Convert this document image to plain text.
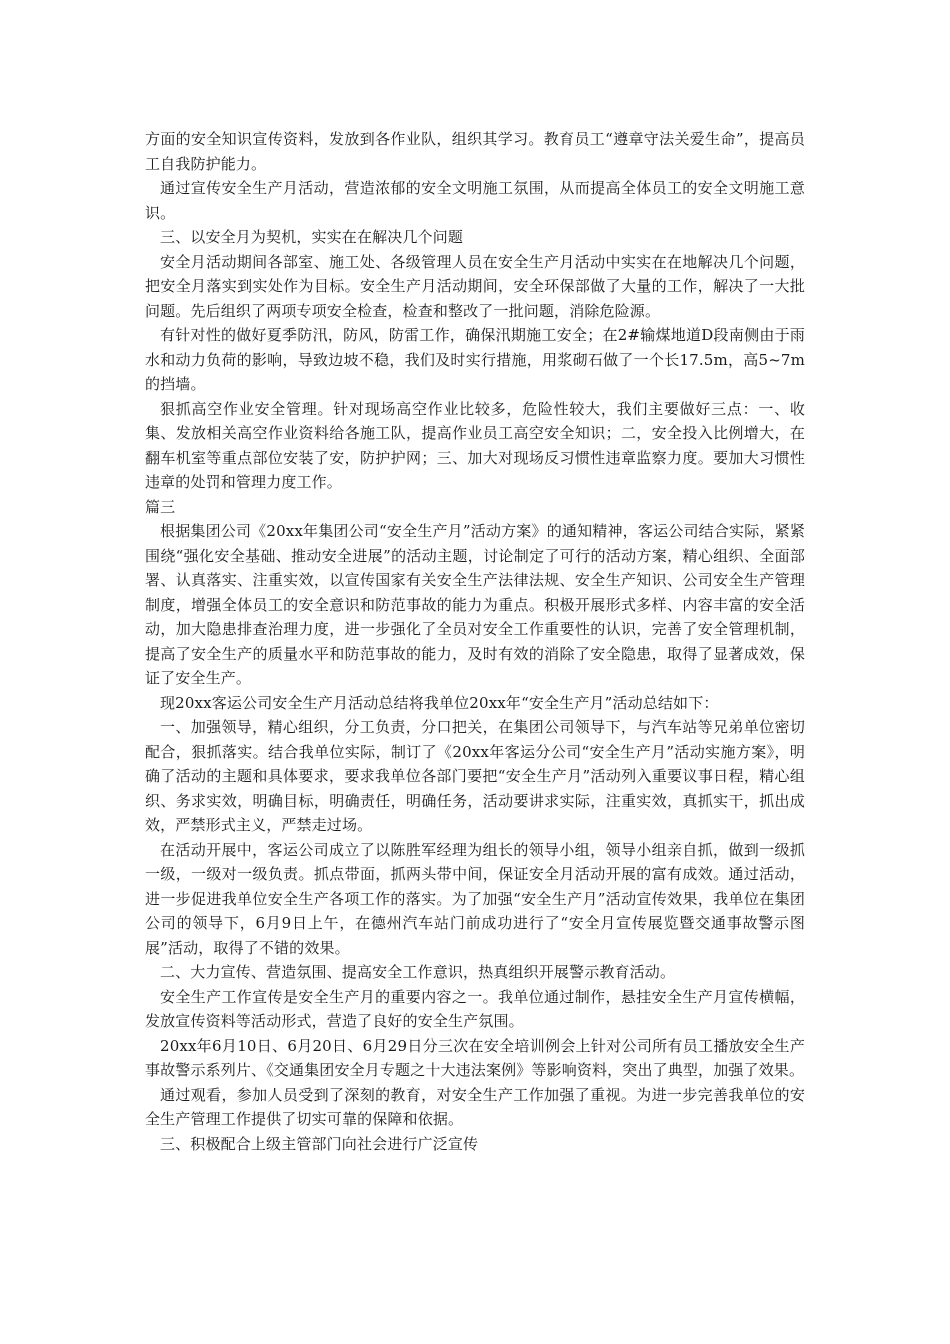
方面的安全知识宣传资料，发放到各作业队，组织其学习。教育员工“遵章守法关爱生命”，提高员工自我防护能力。

通过宣传安全生产月活动，营造浓郁的安全文明施工氛围，从而提高全体员工的安全文明施工意识。

三、以安全月为契机，实实在在解决几个问题

安全月活动期间各部室、施工处、各级管理人员在安全生产月活动中实实在在地解决几个问题，把安全月落实到实处作为目标。安全生产月活动期间，安全环保部做了大量的工作，解决了一大批问题。先后组织了两项专项安全检查，检查和整改了一批问题，消除危险源。

有针对性的做好夏季防汛，防风，防雷工作，确保汛期施工安全；在2#输煤地道D段南侧由于雨水和动力负荷的影响，导致边坡不稳，我们及时实行措施，用浆砌石做了一个长17.5m，高5~7m的挡墙。

狠抓高空作业安全管理。针对现场高空作业比较多，危险性较大，我们主要做好三点：一、收集、发放相关高空作业资料给各施工队，提高作业员工高空安全知识；二，安全投入比例增大，在翻车机室等重点部位安装了安，防护护网；三、加大对现场反习惯性违章监察力度。要加大习惯性违章的处罚和管理力度工作。

篇三

根据集团公司《20xx年集团公司“安全生产月”活动方案》的通知精神，客运公司结合实际，紧紧围绕“强化安全基础、推动安全进展”的活动主题，讨论制定了可行的活动方案，精心组织、全面部署、认真落实、注重实效，以宣传国家有关安全生产法律法规、安全生产知识、公司安全生产管理制度，增强全体员工的安全意识和防范事故的能力为重点。积极开展形式多样、内容丰富的安全活动，加大隐患排查治理力度，进一步强化了全员对安全工作重要性的认识，完善了安全管理机制，提高了安全生产的质量水平和防范事故的能力，及时有效的消除了安全隐患，取得了显著成效，保证了安全生产。

现20xx客运公司安全生产月活动总结将我单位20xx年“安全生产月”活动总结如下：

一、加强领导，精心组织，分工负责，分口把关，在集团公司领导下，与汽车站等兄弟单位密切配合，狠抓落实。结合我单位实际，制订了《20xx年客运分公司“安全生产月”活动实施方案》，明确了活动的主题和具体要求，要求我单位各部门要把“安全生产月”活动列入重要议事日程，精心组织、务求实效，明确目标，明确责任，明确任务，活动要讲求实际，注重实效，真抓实干，抓出成效，严禁形式主义，严禁走过场。

在活动开展中，客运公司成立了以陈胜军经理为组长的领导小组，领导小组亲自抓，做到一级抓一级，一级对一级负责。抓点带面，抓两头带中间，保证安全月活动开展的富有成效。通过活动，进一步促进我单位安全生产各项工作的落实。为了加强“安全生产月”活动宣传效果，我单位在集团公司的领导下，6月9日上午，在德州汽车站门前成功进行了“安全月宣传展览暨交通事故警示图展”活动，取得了不错的效果。

二、大力宣传、营造氛围、提高安全工作意识，热真组织开展警示教育活动。

安全生产工作宣传是安全生产月的重要内容之一。我单位通过制作，悬挂安全生产月宣传横幅，发放宣传资料等活动形式，营造了良好的安全生产氛围。

20xx年6月10日、6月20日、6月29日分三次在安全培训例会上针对公司所有员工播放安全生产事故警示系列片、《交通集团安全月专题之十大违法案例》等影响资料，突出了典型，加强了效果。

通过观看，参加人员受到了深刻的教育，对安全生产工作加强了重视。为进一步完善我单位的安全生产管理工作提供了切实可靠的保障和依据。

三、积极配合上级主管部门向社会进行广泛宣传
